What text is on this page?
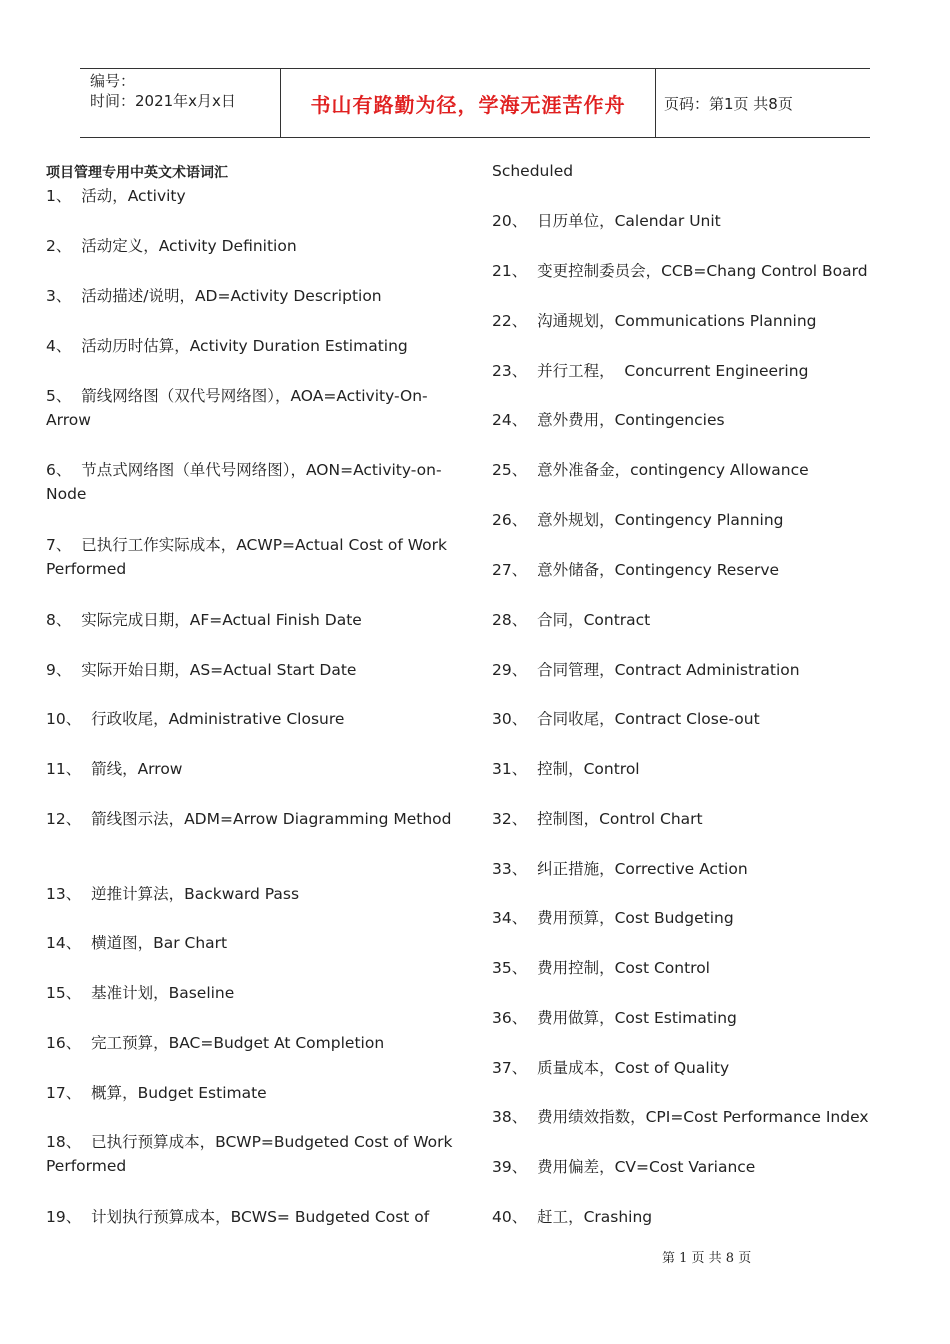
编号：
时间：2021年x月x日	书山有路勤为径，学海无涯苦作舟	页码：第1页 共8页
项目管理专用中英文术语词汇
1、  活动，Activity
2、  活动定义，Activity Definition
3、  活动描述/说明，AD=Activity Description
4、  活动历时估算，Activity Duration Estimating
5、  箭线网络图（双代号网络图），AOA=Activity-On-Arrow
6、  节点式网络图（单代号网络图），AON=Activity-on-Node
7、  已执行工作实际成本，ACWP=Actual Cost of Work Performed
8、  实际完成日期，AF=Actual Finish Date
9、  实际开始日期，AS=Actual Start Date
10、  行政收尾，Administrative Closure
11、  箭线，Arrow
12、  箭线图示法，ADM=Arrow Diagramming Method
13、  逆推计算法，Backward Pass
14、  横道图，Bar Chart
15、  基准计划，Baseline
16、  完工预算，BAC=Budget At Completion
17、  概算，Budget Estimate
18、  已执行预算成本，BCWP=Budgeted Cost of Work Performed
19、  计划执行预算成本，BCWS= Budgeted Cost of
Scheduled
20、  日历单位，Calendar Unit
21、  变更控制委员会，CCB=Chang Control Board
22、  沟通规划，Communications Planning
23、  并行工程，  Concurrent Engineering
24、  意外费用，Contingencies
25、  意外准备金，contingency Allowance
26、  意外规划，Contingency Planning
27、  意外储备，Contingency Reserve
28、  合同，Contract
29、  合同管理，Contract Administration
30、  合同收尾，Contract Close-out
31、  控制，Control
32、  控制图，Control Chart
33、  纠正措施，Corrective Action
34、  费用预算，Cost Budgeting
35、  费用控制，Cost Control
36、  费用做算，Cost Estimating
37、  质量成本，Cost of Quality
38、  费用绩效指数，CPI=Cost Performance Index
39、  费用偏差，CV=Cost Variance
40、  赶工，Crashing
第 1 页 共 8 页
